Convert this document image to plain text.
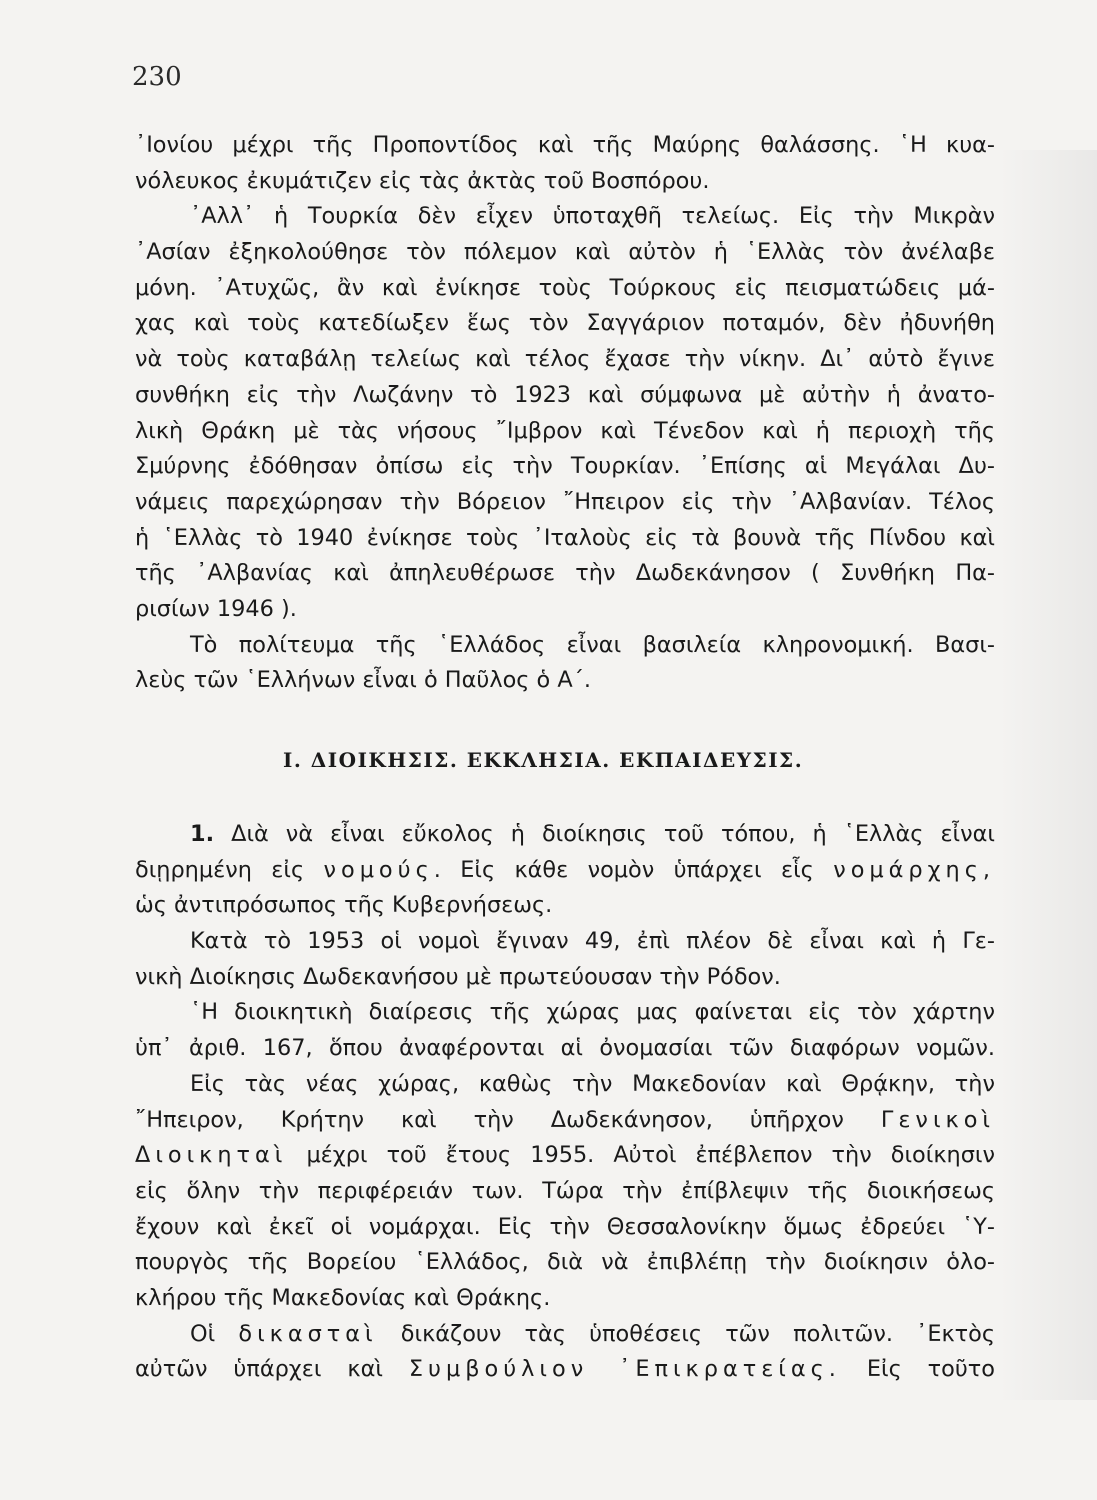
230
᾿Ιονίου μέχρι τῆς Προποντίδος καὶ τῆς Μαύρης θαλάσσης. ῾Η κυα-
νόλευκος ἐκυμάτιζεν εἰς τὰς ἀκτὰς τοῦ Βοσπόρου.
᾿Αλλ᾿ ἡ Τουρκία δὲν εἶχεν ὑποταχθῆ τελείως. Εἰς τὴν Μικρὰν
᾿Ασίαν ἐξηκολούθησε τὸν πόλεμον καὶ αὐτὸν ἡ ῾Ελλὰς τὸν ἀνέλαβε
μόνη. ᾿Ατυχῶς, ἂν καὶ ἐνίκησε τοὺς Τούρκους εἰς πεισματώδεις μά-
χας καὶ τοὺς κατεδίωξεν ἕως τὸν Σαγγάριον ποταμόν, δὲν ἠδυνήθη
νὰ τοὺς καταβάλῃ τελείως καὶ τέλος ἔχασε τὴν νίκην. Δι᾿ αὐτὸ ἔγινε
συνθήκη εἰς τὴν Λωζάνην τὸ 1923 καὶ σύμφωνα μὲ αὐτὴν ἡ ἀνατο-
λικὴ Θράκη μὲ τὰς νήσους ῎Ιμβρον καὶ Τένεδον καὶ ἡ περιοχὴ τῆς
Σμύρνης ἐδόθησαν ὀπίσω εἰς τὴν Τουρκίαν. ᾿Επίσης αἱ Μεγάλαι Δυ-
νάμεις παρεχώρησαν τὴν Βόρειον ῎Ηπειρον εἰς τὴν ᾿Αλβανίαν. Τέλος
ἡ ῾Ελλὰς τὸ 1940 ἐνίκησε τοὺς ᾿Ιταλοὺς εἰς τὰ βουνὰ τῆς Πίνδου καὶ
τῆς ᾿Αλβανίας καὶ ἀπηλευθέρωσε τὴν Δωδεκάνησον ( Συνθήκη Πα-
ρισίων 1946 ).
Τὸ πολίτευμα τῆς ῾Ελλάδος εἶναι βασιλεία κληρονομική. Βασι-
λεὺς τῶν ῾Ελλήνων εἶναι ὁ Παῦλος ὁ Α΄.
I. ΔΙΟΙΚΗΣΙΣ. ΕΚΚΛΗΣΙΑ. ΕΚΠΑΙΔΕΥΣΙΣ.
1. Διὰ νὰ εἶναι εὔκολος ἡ διοίκησις τοῦ τόπου, ἡ ῾Ελλὰς εἶναι
διῃρημένη εἰς νομούς. Εἰς κάθε νομὸν ὑπάρχει εἷς νομάρχης,
ὡς ἀντιπρόσωπος τῆς Κυβερνήσεως.
Κατὰ τὸ 1953 οἱ νομοὶ ἔγιναν 49, ἐπὶ πλέον δὲ εἶναι καὶ ἡ Γε-
νικὴ Διοίκησις Δωδεκανήσου μὲ πρωτεύουσαν τὴν Ρόδον.
῾Η διοικητικὴ διαίρεσις τῆς χώρας μας φαίνεται εἰς τὸν χάρτην
ὑπ᾿ ἀριθ. 167, ὅπου ἀναφέρονται αἱ ὀνομασίαι τῶν διαφόρων νομῶν.
Εἰς τὰς νέας χώρας, καθὼς τὴν Μακεδονίαν καὶ Θρᾴκην, τὴν
῎Ηπειρον, Κρήτην καὶ τὴν Δωδεκάνησον, ὑπῆρχον Γενικοὶ
Διοικηταὶ μέχρι τοῦ ἔτους 1955. Αὐτοὶ ἐπέβλεπον τὴν διοίκησιν
εἰς ὅλην τὴν περιφέρειάν των. Τώρα τὴν ἐπίβλεψιν τῆς διοικήσεως
ἔχουν καὶ ἐκεῖ οἱ νομάρχαι. Εἰς τὴν Θεσσαλονίκην ὅμως ἐδρεύει ῾Υ-
πουργὸς τῆς Βορείου ῾Ελλάδος, διὰ νὰ ἐπιβλέπῃ τὴν διοίκησιν ὁλο-
κλήρου τῆς Μακεδονίας καὶ Θράκης.
Οἱ δικασταὶ δικάζουν τὰς ὑποθέσεις τῶν πολιτῶν. ᾿Εκτὸς
αὐτῶν ὑπάρχει καὶ Συμβούλιον ᾿Επικρατείας. Εἰς τοῦτο
